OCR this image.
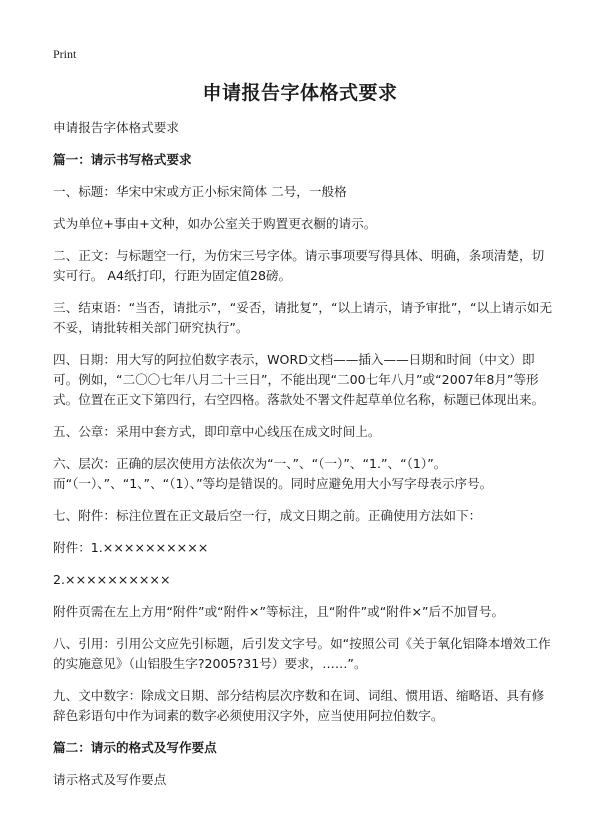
Print
申请报告字体格式要求

申请报告字体格式要求

篇一：请示书写格式要求

一、标题：华宋中宋或方正小标宋简体 二号，一般格

式为单位+事由+文种，如办公室关于购置更衣橱的请示。

二、正文：与标题空一行，为仿宋三号字体。请示事项要写得具体、明确，条项清楚，切实可行。 A4纸打印，行距为固定值28磅。

三、结束语：“当否，请批示”，“妥否，请批复”，“以上请示，请予审批”，“以上请示如无不妥，请批转相关部门研究执行”。

四、日期：用大写的阿拉伯数字表示，WORD文档——插入——日期和时间（中文）即可。例如，“二〇〇七年八月二十三日”，不能出现“二00七年八月”或“2007年8月”等形式。位置在正文下第四行，右空四格。落款处不署文件起草单位名称，标题已体现出来。

五、公章：采用中套方式，即印章中心线压在成文时间上。

六、层次：正确的层次使用方法依次为“一、”、“（一）”、“1.”、“（1）”。而“（一）、”、“1、”、“（1）、”等均是错误的。同时应避免用大小写字母表示序号。

七、附件：标注位置在正文最后空一行，成文日期之前。正确使用方法如下：

附件：1.××××××××××

2.××××××××××

附件页需在左上方用“附件”或“附件×”等标注，且“附件”或“附件×”后不加冒号。

八、引用：引用公文应先引标题，后引发文字号。如“按照公司《关于氧化铝降本增效工作的实施意见》（山铝股生字?2005?31号）要求，……”。

九、文中数字：除成文日期、部分结构层次序数和在词、词组、惯用语、缩略语、具有修辞色彩语句中作为词素的数字必须使用汉字外，应当使用阿拉伯数字。

篇二：请示的格式及写作要点

请示格式及写作要点
